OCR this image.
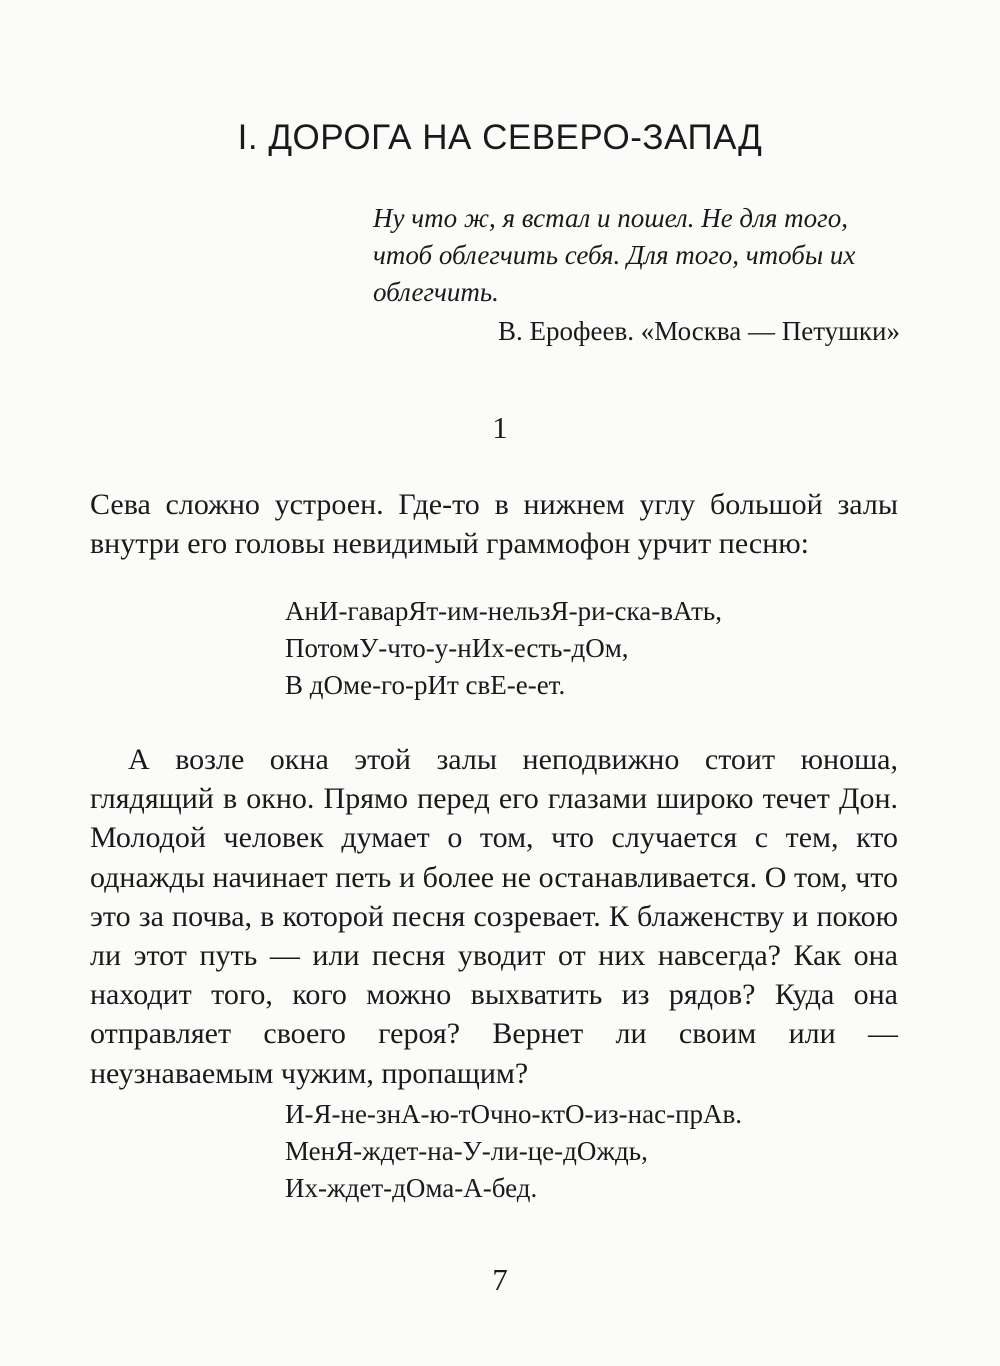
I. ДОРОГА НА СЕВЕРО-ЗАПАД

Ну что ж, я встал и пошел. Не для того, чтоб облегчить себя. Для того, чтобы их облегчить.

В. Ерофеев. «Москва — Петушки»

1

Сева сложно устроен. Где-то в нижнем углу большой залы внутри его головы невидимый граммофон урчит песню:

АнИ-гаварЯт-им-нельзЯ-ри-ска-вАть,
ПотомУ-что-у-нИх-есть-дОм,
В дОме-го-рИт свЕ-е-ет.

А возле окна этой залы неподвижно стоит юноша, глядящий в окно. Прямо перед его глазами широко течет Дон. Молодой человек думает о том, что случается с тем, кто однажды начинает петь и более не останавливается. О том, что это за почва, в которой песня созревает. К блаженству и покою ли этот путь — или песня уводит от них навсегда? Как она находит того, кого можно выхватить из рядов? Куда она отправляет своего героя? Вернет ли своим или — неузнаваемым чужим, пропащим?

И-Я-не-знА-ю-тОчно-ктО-из-нас-прАв.
МенЯ-ждет-на-У-ли-це-дОждь,
Их-ждет-дОма-А-бед.
7
